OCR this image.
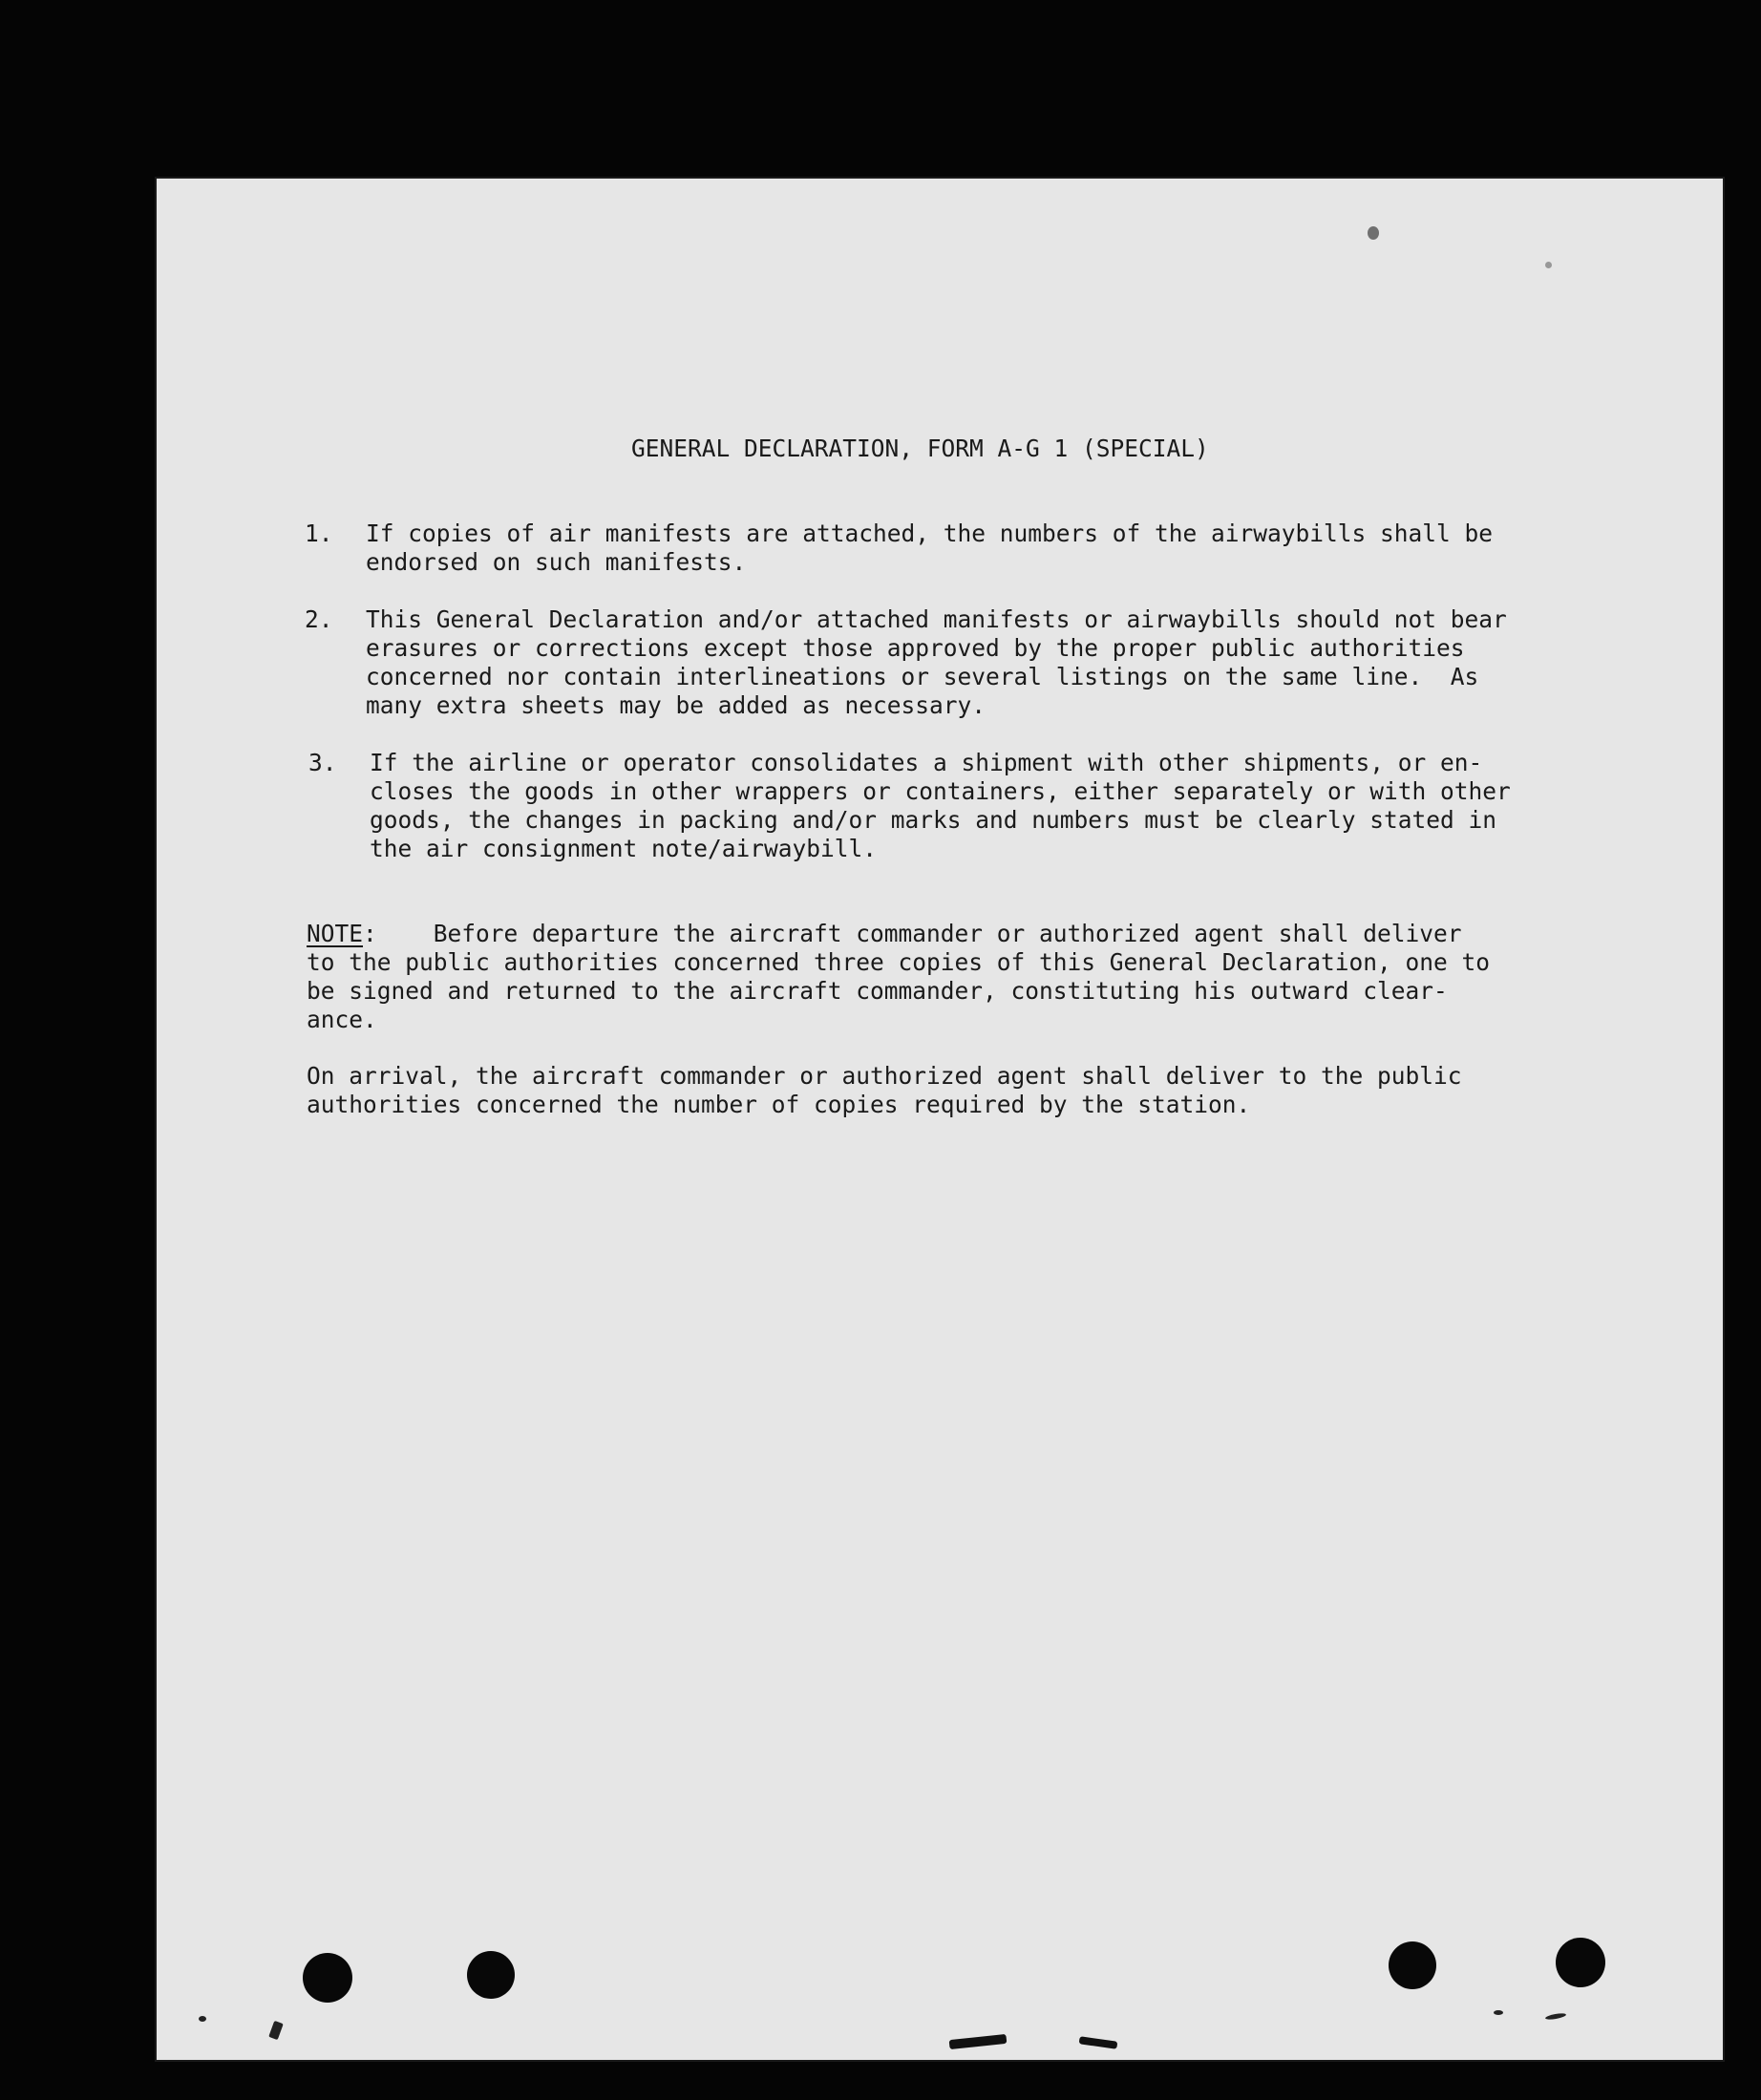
GENERAL DECLARATION, FORM A-G 1 (SPECIAL)
1. If copies of air manifests are attached, the numbers of the airwaybills shall be
endorsed on such manifests.
2. This General Declaration and/or attached manifests or airwaybills should not bear
erasures or corrections except those approved by the proper public authorities
concerned nor contain interlineations or several listings on the same line.  As
many extra sheets may be added as necessary.
3. If the airline or operator consolidates a shipment with other shipments, or en-
closes the goods in other wrappers or containers, either separately or with other
goods, the changes in packing and/or marks and numbers must be clearly stated in
the air consignment note/airwaybill.
NOTE:    Before departure the aircraft commander or authorized agent shall deliver
to the public authorities concerned three copies of this General Declaration, one to
be signed and returned to the aircraft commander, constituting his outward clear-
ance.
On arrival, the aircraft commander or authorized agent shall deliver to the public
authorities concerned the number of copies required by the station.
